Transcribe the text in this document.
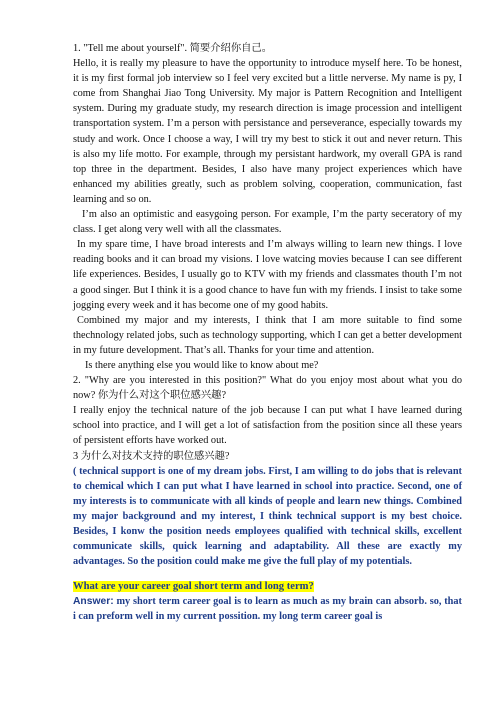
1. "Tell me about yourself". 简要介绍你自己。

Hello, it is really my pleasure to have the opportunity to introduce myself here. To be honest, it is my first formal job interview so I feel very excited but a little nerverse. My name is py, I come from Shanghai Jiao Tong University. My major is Pattern Recognition and Intelligent system. During my graduate study, my research direction is image procession and intelligent transportation system. I’m a person with persistance and perseverance, especially towards my study and work. Once I choose a way, I will try my best to stick it out and never return. This is also my life motto. For example, through my persistant hardwork, my overall GPA is rand top three in the department. Besides, I also have many project experiences which have enhanced my abilities greatly, such as problem solving, cooperation, communication, fast learning and so on.

I’m also an optimistic and easygoing person. For example, I’m the party seceratory of my class. I get along very well with all the classmates.

In my spare time, I have broad interests and I’m always willing to learn new things. I love reading books and it can broad my visions. I love watcing movies because I can see different life experiences. Besides, I usually go to KTV with my friends and classmates thouth I’m not a good singer. But I think it is a good chance to have fun with my friends. I insist to take some jogging every week and it has become one of my good habits.

Combined my major and my interests, I think that I am more suitable to find some thechnology related jobs, such as technology supporting, which I can get a better development in my future development. That’s all. Thanks for your time and attention.

Is there anything else you would like to know about me?

2. "Why are you interested in this position?" What do you enjoy most about what you do now? 你为什么对这个职位感兴趣?

I really enjoy the technical nature of the job because I can put what I have learned during school into practice, and I will get a lot of satisfaction from the position since all these years of persistent efforts have worked out.

3 为什么对技术支持的职位感兴趣?

( technical support is one of my dream jobs. First, I am willing to do jobs that is relevant to chemical which I can put what I have learned in school into practice. Second, one of my interests is to communicate with all kinds of people and learn new things. Combined my major background and my interest, I think technical support is my best choice. Besides, I konw the position needs employees qualified with technical skills, excellent communicate skills, quick learning and adaptability. All these are exactly my advantages. So the position could make me give the full play of my potentials.

What are your career goal short term and long term?

Answer: my short term career goal is to learn as much as my brain can absorb. so, that i can preform well in my current possition. my long term career goal is
